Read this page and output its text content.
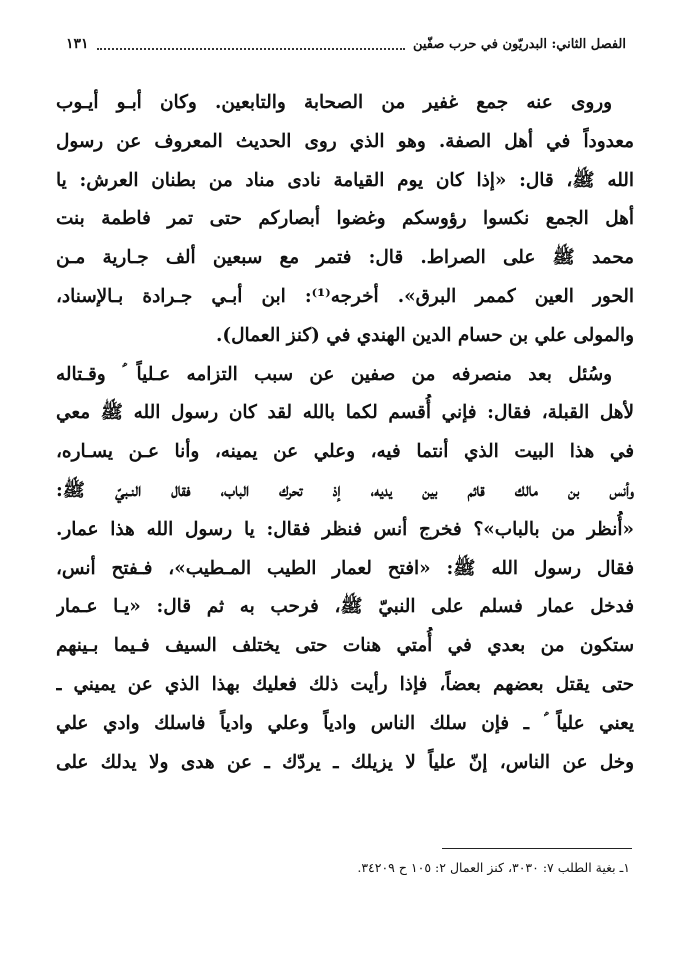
الفصل الثاني: البدريّون في حرب صفّين
١٣١
وروى عنه جمع غفير من الصحابة والتابعين. وكان أبـو أيـوب
معدوداً في أهل الصفة. وهو الذي روى الحديث المعروف عن رسول
الله ﷺ، قال: «إذا كان يوم القيامة نادى مناد من بطنان العرش: يا
أهل الجمع نكسوا رؤوسكم وغضوا أبصاركم حتى تمر فاطمة بنت
محمد ﷺ على الصراط. قال: فتمر مع سبعين ألف جـارية مـن
الحور العين كممر البرق». أخرجه⁽¹⁾: ابن أبـي جـرادة بـالإسناد،
والمولى علي بن حسام الدين الهندي في (كنز العمال).
وسُئل بعد منصرفه من صفين عن سبب التزامه عـلياً ؑ وقـتاله
لأهل القبلة، فقال: فإني أُقسم لكما بالله لقد كان رسول الله ﷺ معي
في هذا البيت الذي أنتما فيه، وعلي عن يمينه، وأنا عـن يسـاره،
وأنس بن مالك قائم بين يديه، إذ تحرك الباب، فقال النـبيّ ﷺ:
«أُنظر من بالباب»؟ فخرج أنس فنظر فقال: يا رسول الله هذا عمار.
فقال رسول الله ﷺ: «افتح لعمار الطيب المـطيب»، فـفتح أنس،
فدخل عمار فسلم على النبيّ ﷺ، فرحب به ثم قال: «يـا عـمار
ستكون من بعدي في أُمتي هنات حتى يختلف السيف فـيما بـينهم
حتى يقتل بعضهم بعضاً، فإذا رأيت ذلك فعليك بهذا الذي عن يميني ـ
يعني علياً ؑ ـ فإن سلك الناس وادياً وعلي وادياً فاسلك وادي علي
وخل عن الناس، إنّ علياً لا يزيلك ـ يردّك ـ عن هدى ولا يدلك على
١ـ بغية الطلب ٧: ٣٠٣٠، كنز العمال ٢: ١٠٥ ح ٣٤٢٠٩.
